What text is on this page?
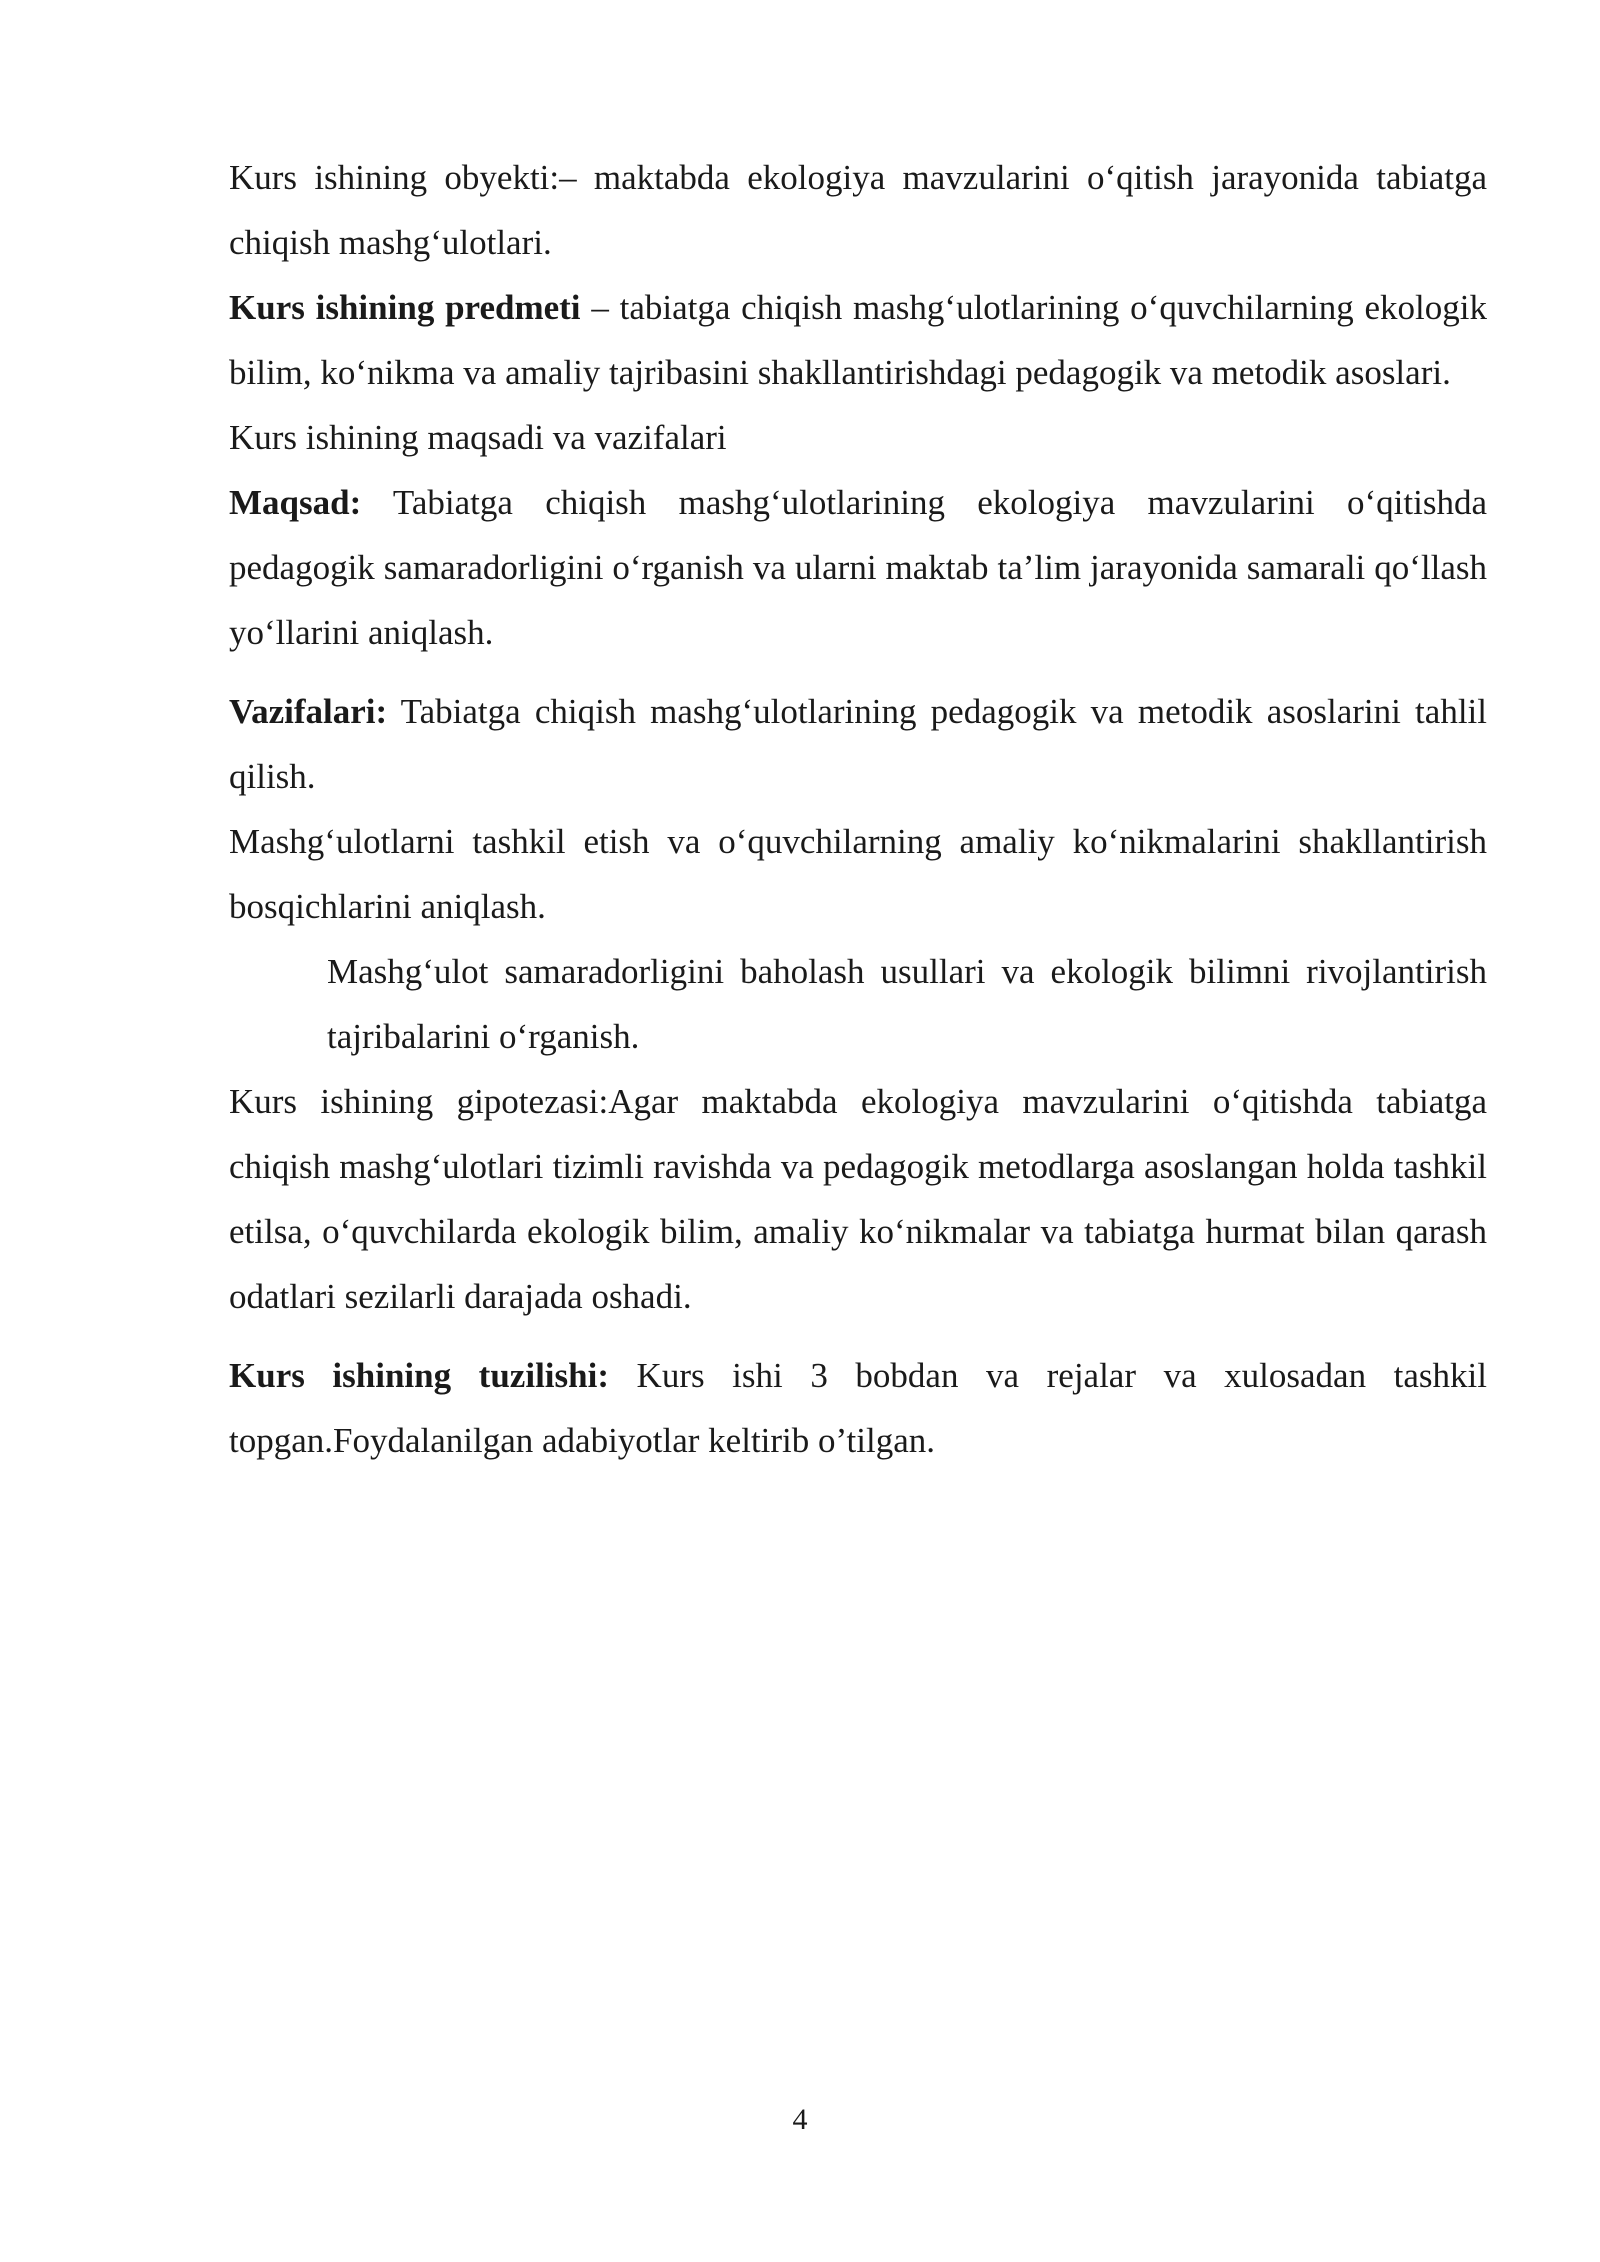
Kurs ishining obyekti:– maktabda ekologiya mavzularini o‘qitish jarayonida tabiatga chiqish mashg‘ulotlari.

Kurs ishining predmeti – tabiatga chiqish mashg‘ulotlarining o‘quvchilarning ekologik bilim, ko‘nikma va amaliy tajribasini shakllantirishdagi pedagogik va metodik asoslari.

Kurs ishining maqsadi va vazifalari

Maqsad: Tabiatga chiqish mashg‘ulotlarining ekologiya mavzularini o‘qitishda pedagogik samaradorligini o‘rganish va ularni maktab ta’lim jarayonida samarali qo‘llash yo‘llarini aniqlash.

Vazifalari: Tabiatga chiqish mashg‘ulotlarining pedagogik va metodik asoslarini tahlil qilish.

Mashg‘ulotlarni tashkil etish va o‘quvchilarning amaliy ko‘nikmalarini shakllantirish bosqichlarini aniqlash.

Mashg‘ulot samaradorligini baholash usullari va ekologik bilimni rivojlantirish tajribalarini o‘rganish.

Kurs ishining gipotezasi:Agar maktabda ekologiya mavzularini o‘qitishda tabiatga chiqish mashg‘ulotlari tizimli ravishda va pedagogik metodlarga asoslangan holda tashkil etilsa, o‘quvchilarda ekologik bilim, amaliy ko‘nikmalar va tabiatga hurmat bilan qarash odatlari sezilarli darajada oshadi.

Kurs ishining tuzilishi: Kurs ishi 3 bobdan va rejalar va xulosadan tashkil topgan.Foydalanilgan adabiyotlar keltirib o’tilgan.

4
